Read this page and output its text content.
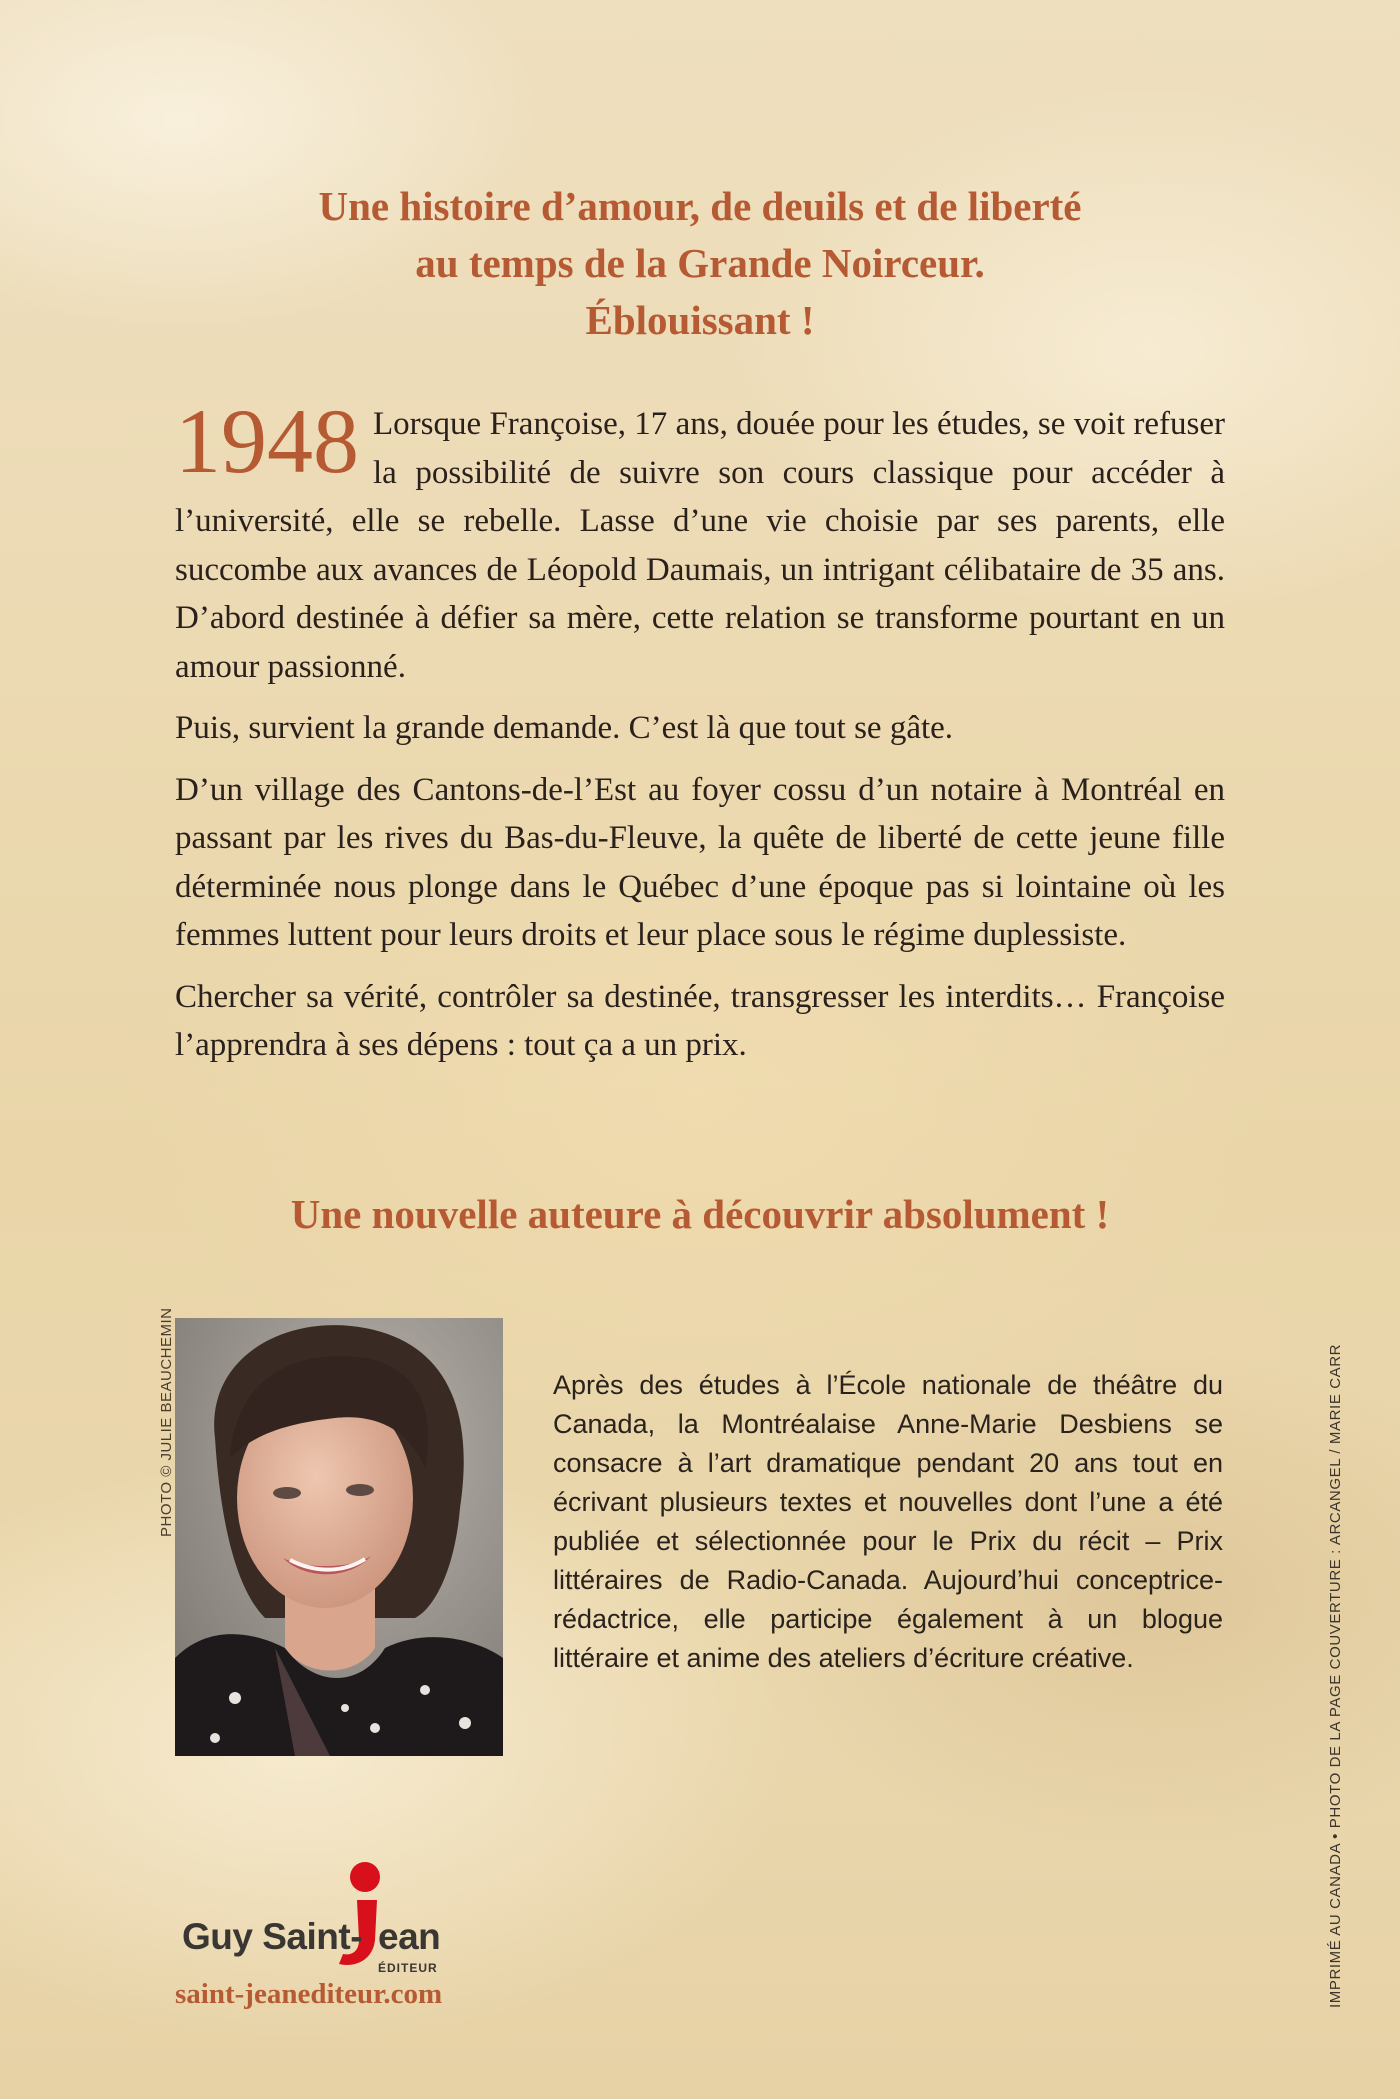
Une histoire d’amour, de deuils et de liberté
au temps de la Grande Noirceur.
Éblouissant !

1948 Lorsque Françoise, 17 ans, douée pour les études, se voit refuser la possibilité de suivre son cours classique pour accéder à l’université, elle se rebelle. Lasse d’une vie choisie par ses parents, elle succombe aux avances de Léopold Daumais, un intrigant célibataire de 35 ans. D’abord destinée à défier sa mère, cette relation se transforme pourtant en un amour passionné.

Puis, survient la grande demande. C’est là que tout se gâte.

D’un village des Cantons-de-l’Est au foyer cossu d’un notaire à Montréal en passant par les rives du Bas-du-Fleuve, la quête de liberté de cette jeune fille déterminée nous plonge dans le Québec d’une époque pas si lointaine où les femmes luttent pour leurs droits et leur place sous le régime duplessiste.

Chercher sa vérité, contrôler sa destinée, transgresser les interdits… Françoise l’apprendra à ses dépens : tout ça a un prix.

Une nouvelle auteure à découvrir absolument !
PHOTO © JULIE BEAUCHEMIN	Après des études à l’École nationale de théâtre du Canada, la Montréalaise Anne-Marie Desbiens se consacre à l’art dramatique pendant 20 ans tout en écrivant plusieurs textes et nouvelles dont l’une a été publiée et sélectionnée pour le Prix du récit – Prix littéraires de Radio-Canada. Aujourd’hui conceptrice-rédactrice, elle participe également à un blogue littéraire et anime des ateliers d’écriture créative.	IMPRIMÉ AU CANADA • PHOTO DE LA PAGE COUVERTURE : ARCANGEL / MARIE CARR
Guy Saint- ean
ÉDITEUR
saint-jeanediteur.com
